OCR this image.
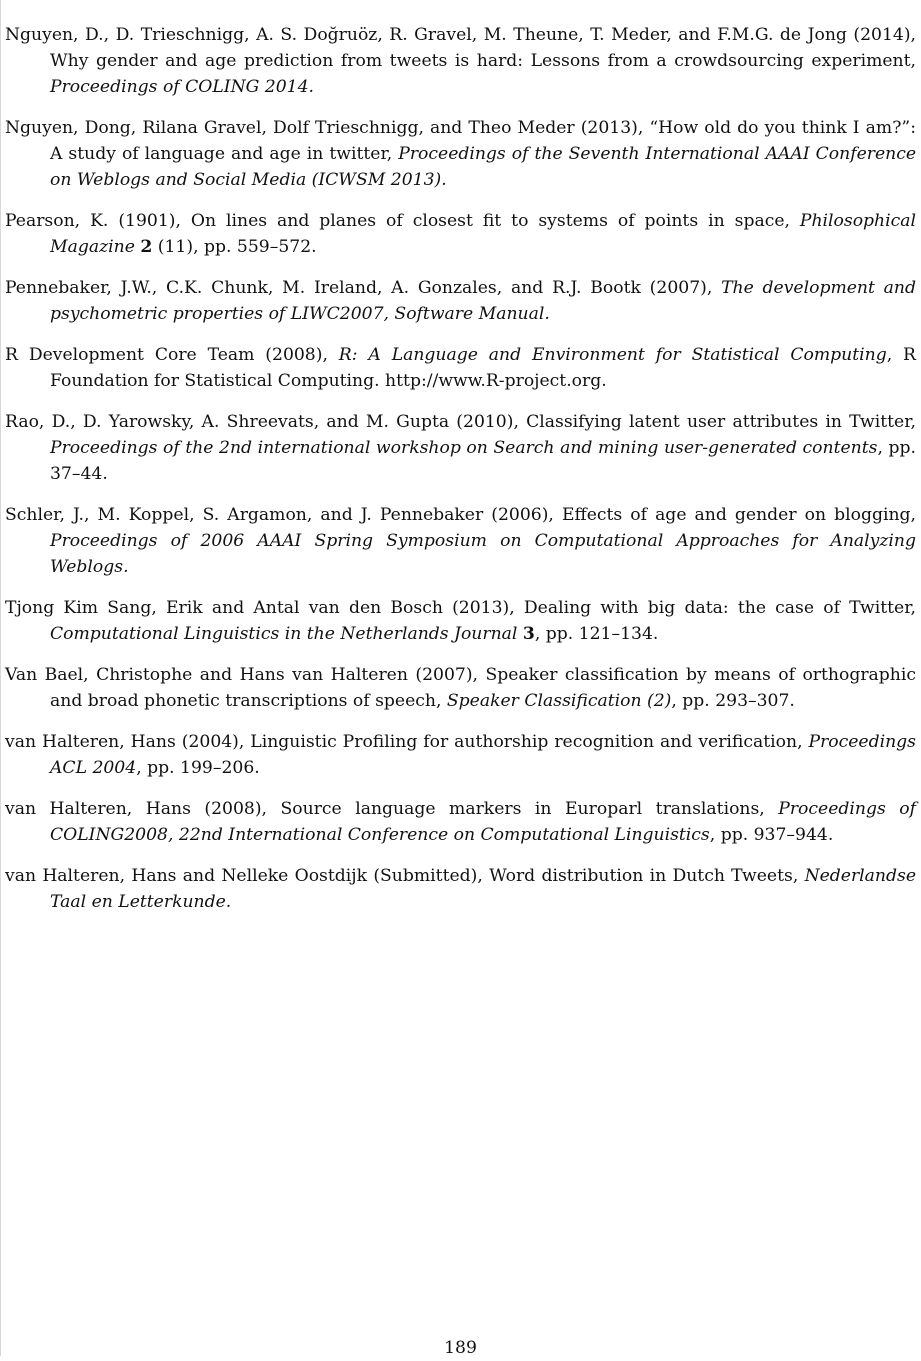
Nguyen, D., D. Trieschnigg, A. S. Doğruöz, R. Gravel, M. Theune, T. Meder, and F.M.G. de Jong (2014), Why gender and age prediction from tweets is hard: Lessons from a crowdsourcing experiment, Proceedings of COLING 2014.

Nguyen, Dong, Rilana Gravel, Dolf Trieschnigg, and Theo Meder (2013), “How old do you think I am?”: A study of language and age in twitter, Proceedings of the Seventh International AAAI Conference on Weblogs and Social Media (ICWSM 2013).

Pearson, K. (1901), On lines and planes of closest fit to systems of points in space, Philosophical Magazine 2 (11), pp. 559–572.

Pennebaker, J.W., C.K. Chunk, M. Ireland, A. Gonzales, and R.J. Bootk (2007), The development and psychometric properties of LIWC2007, Software Manual.

R Development Core Team (2008), R: A Language and Environment for Statistical Computing, R Foundation for Statistical Computing. http://www.R-project.org.

Rao, D., D. Yarowsky, A. Shreevats, and M. Gupta (2010), Classifying latent user attributes in Twitter, Proceedings of the 2nd international workshop on Search and mining user-generated contents, pp. 37–44.

Schler, J., M. Koppel, S. Argamon, and J. Pennebaker (2006), Effects of age and gender on blogging, Proceedings of 2006 AAAI Spring Symposium on Computational Approaches for Analyzing Weblogs.

Tjong Kim Sang, Erik and Antal van den Bosch (2013), Dealing with big data: the case of Twitter, Computational Linguistics in the Netherlands Journal 3, pp. 121–134.

Van Bael, Christophe and Hans van Halteren (2007), Speaker classification by means of orthographic and broad phonetic transcriptions of speech, Speaker Classification (2), pp. 293–307.

van Halteren, Hans (2004), Linguistic Profiling for authorship recognition and verification, Proceedings ACL 2004, pp. 199–206.

van Halteren, Hans (2008), Source language markers in Europarl translations, Proceedings of COLING2008, 22nd International Conference on Computational Linguistics, pp. 937–944.

van Halteren, Hans and Nelleke Oostdijk (Submitted), Word distribution in Dutch Tweets, Nederlandse Taal en Letterkunde.

189
